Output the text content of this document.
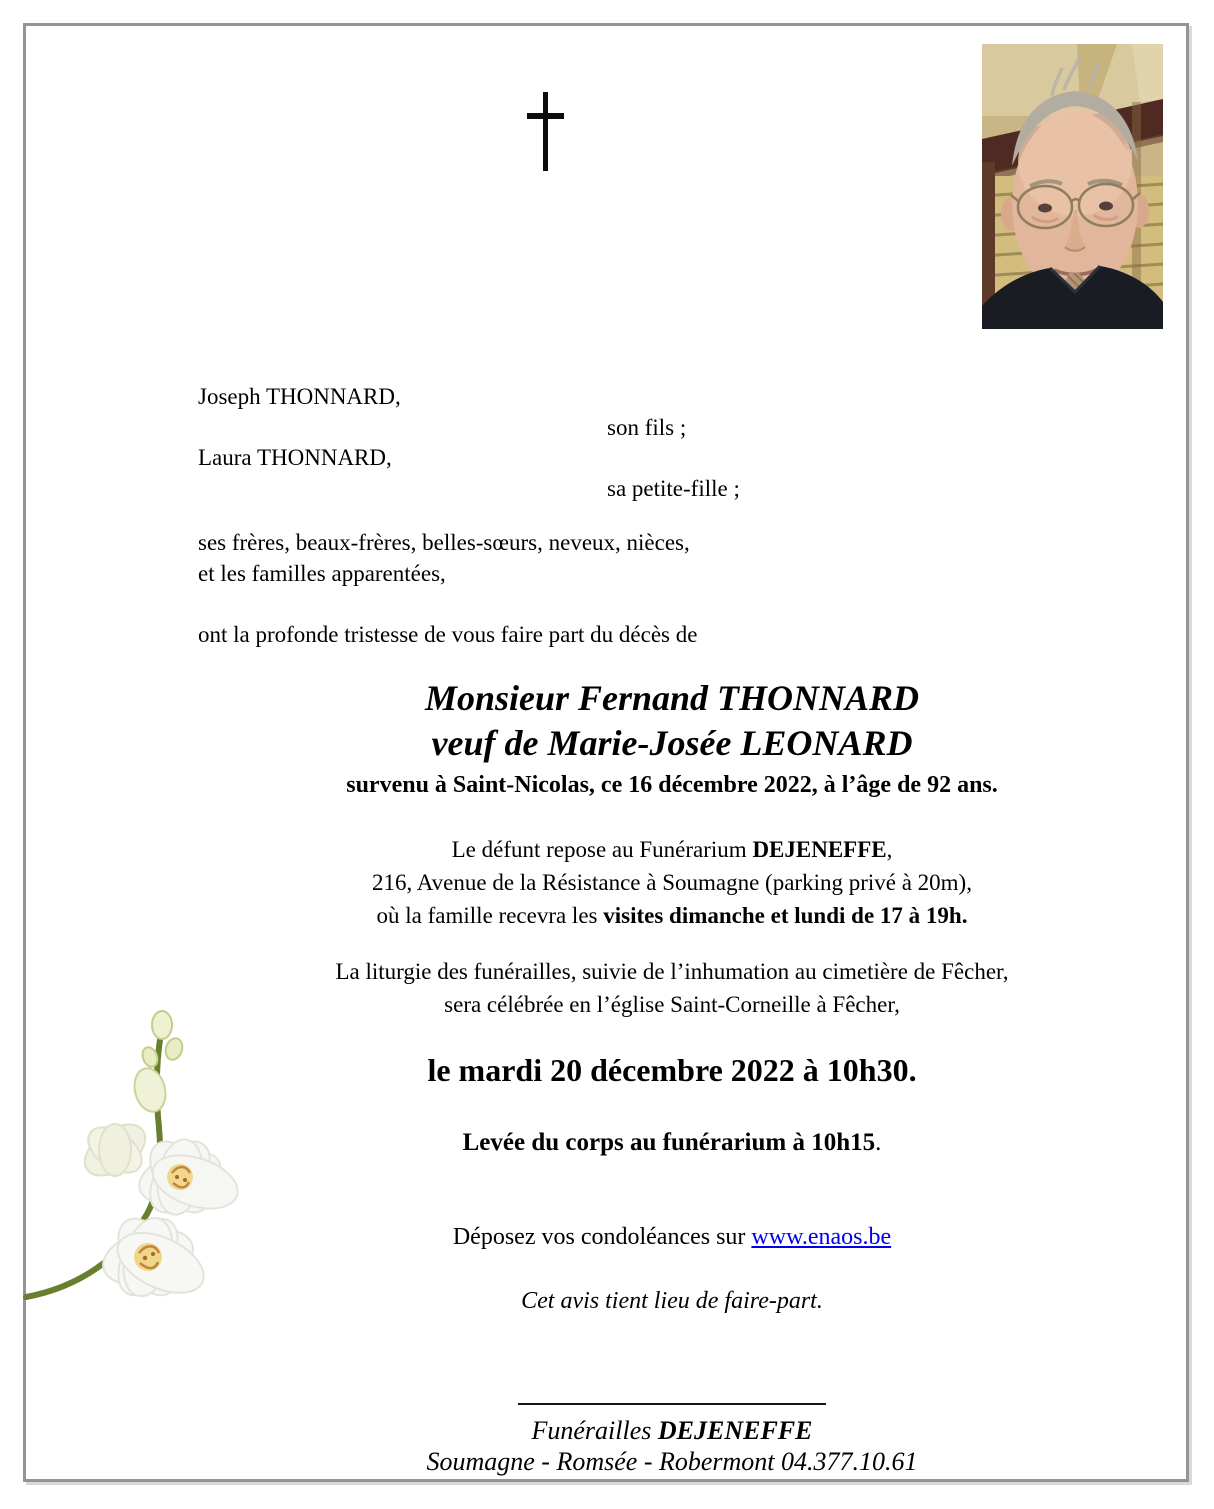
Joseph THONNARD,

son fils ;

Laura THONNARD,

sa petite-fille ;

ses frères, beaux-frères, belles-sœurs, neveux, nièces,

et les familles apparentées,

ont la profonde tristesse de vous faire part du décès de

Monsieur Fernand THONNARD

veuf de Marie-Josée LEONARD

survenu à Saint-Nicolas, ce 16 décembre 2022, à l’âge de 92 ans.

Le défunt repose au Funérarium DEJENEFFE,

216, Avenue de la Résistance à Soumagne (parking privé à 20m),

où la famille recevra les visites dimanche et lundi de 17 à 19h.

La liturgie des funérailles, suivie de l’inhumation au cimetière de Fêcher,

sera célébrée en l’église Saint-Corneille à Fêcher,

le mardi 20 décembre 2022 à 10h30.

Levée du corps au funérarium à 10h15.

Déposez vos condoléances sur www.enaos.be

Cet avis tient lieu de faire-part.

Funérailles DEJENEFFE

Soumagne - Romsée - Robermont 04.377.10.61
